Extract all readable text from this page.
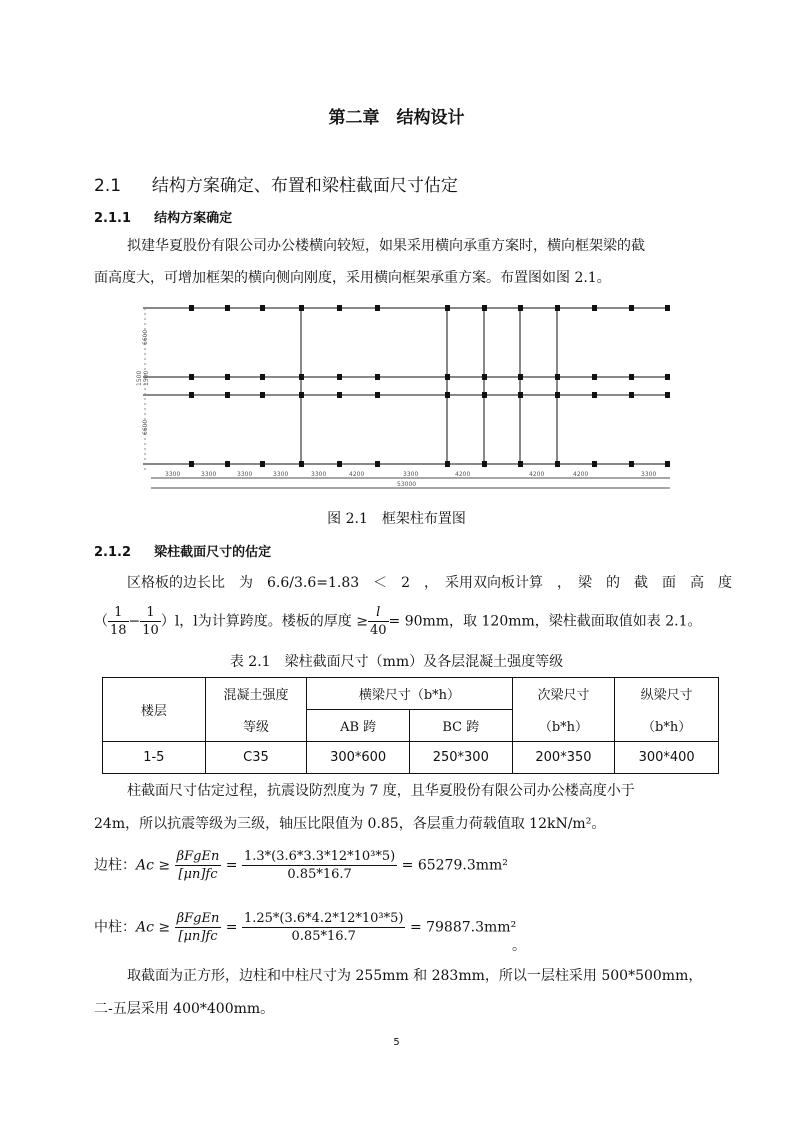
第二章　结构设计
2.1 结构方案确定、布置和梁柱截面尺寸估定
2.1.1 结构方案确定
拟建华夏股份有限公司办公楼横向较短，如果采用横向承重方案时，横向框架梁的截
面高度大，可增加框架的横向侧向刚度，采用横向框架承重方案。布置图如图 2.1。
6600
1500 1500
6600
3300	3300	3300	3300	3300	4200	3300	4200	4200	4200	3300
53000
图 2.1　框架柱布置图
2.1.2 梁柱截面尺寸的估定
区格板的边长比　为　6.6/3.6=1.83　＜　2　，　采用双向板计算　，　梁　的　截　面　高　度
（ $\frac{1}{18} - \frac{1}{10} )l$，l为计算跨度。楼板的厚度 ≥ $\frac{l}{40} = 90mm$，取 120mm，梁柱截面取值如表 2.1。
表 2.1　梁柱截面尺寸（mm）及各层混凝土强度等级
楼层	混凝土强度	横梁尺寸（b*h）		次梁尺寸	纵梁尺寸
	等级	AB 跨	BC 跨	（b*h）	（b*h）
1-5	C35	300*600	250*300	200*350	300*400
柱截面尺寸估定过程，抗震设防烈度为 7 度，且华夏股份有限公司办公楼高度小于
24m，所以抗震等级为三级，轴压比限值为 0.85，各层重力荷载值取 12kN/m²。
边柱：Ac ≥
βFgEn
[μn]fc
= $\frac{\text{1.3*(3.6*3.3*12*10³*5)}}{0.85*16.7} = 65279.3mm^2$
中柱：Ac ≥
βFgEn
[μn]fc
= $\frac{\text{1.25*(3.6*4.2*12*10³*5)}}{0.85*16.7} = 79887.3mm^2$
。
取截面为正方形，边柱和中柱尺寸为 255mm 和 283mm，所以一层柱采用 500*500mm，
二-五层采用 400*400mm。
5
